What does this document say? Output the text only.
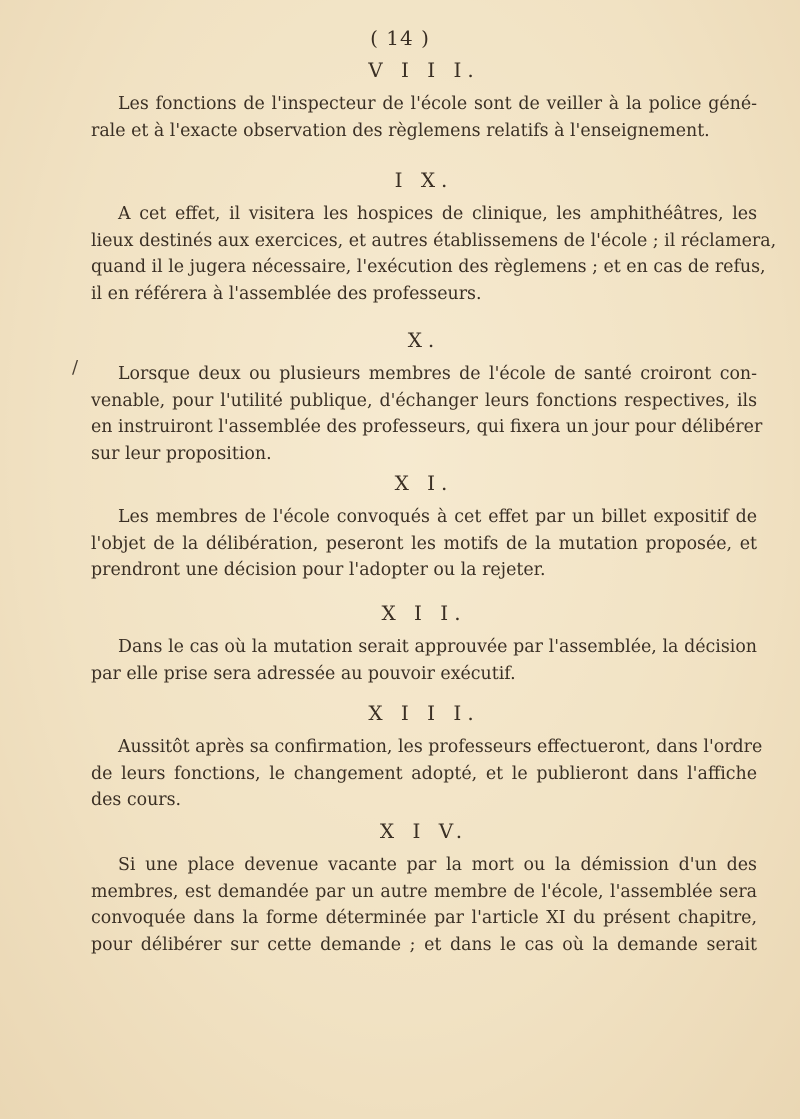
( 14 )
/
V I I I.

Les fonctions de l'inspecteur de l'école sont de veiller à la police géné-
rale et à l'exacte observation des règlemens relatifs à l'enseignement.

I X.

A cet effet, il visitera les hospices de clinique, les amphithéâtres, les
lieux destinés aux exercices, et autres établissemens de l'école ; il réclamera,
quand il le jugera nécessaire, l'exécution des règlemens ; et en cas de refus,
il en référera à l'assemblée des professeurs.

X.

Lorsque deux ou plusieurs membres de l'école de santé croiront con-
venable, pour l'utilité publique, d'échanger leurs fonctions respectives, ils
en instruiront l'assemblée des professeurs, qui fixera un jour pour délibérer
sur leur proposition.

X I.

Les membres de l'école convoqués à cet effet par un billet expositif de
l'objet de la délibération, peseront les motifs de la mutation proposée, et
prendront une décision pour l'adopter ou la rejeter.

X I I.

Dans le cas où la mutation serait approuvée par l'assemblée, la décision
par elle prise sera adressée au pouvoir exécutif.

X I I I.

Aussitôt après sa confirmation, les professeurs effectueront, dans l'ordre
de leurs fonctions, le changement adopté, et le publieront dans l'affiche
des cours.

X I V.

Si une place devenue vacante par la mort ou la démission d'un des
membres, est demandée par un autre membre de l'école, l'assemblée sera
convoquée dans la forme déterminée par l'article XI du présent chapitre,
pour délibérer sur cette demande ; et dans le cas où la demande serait
